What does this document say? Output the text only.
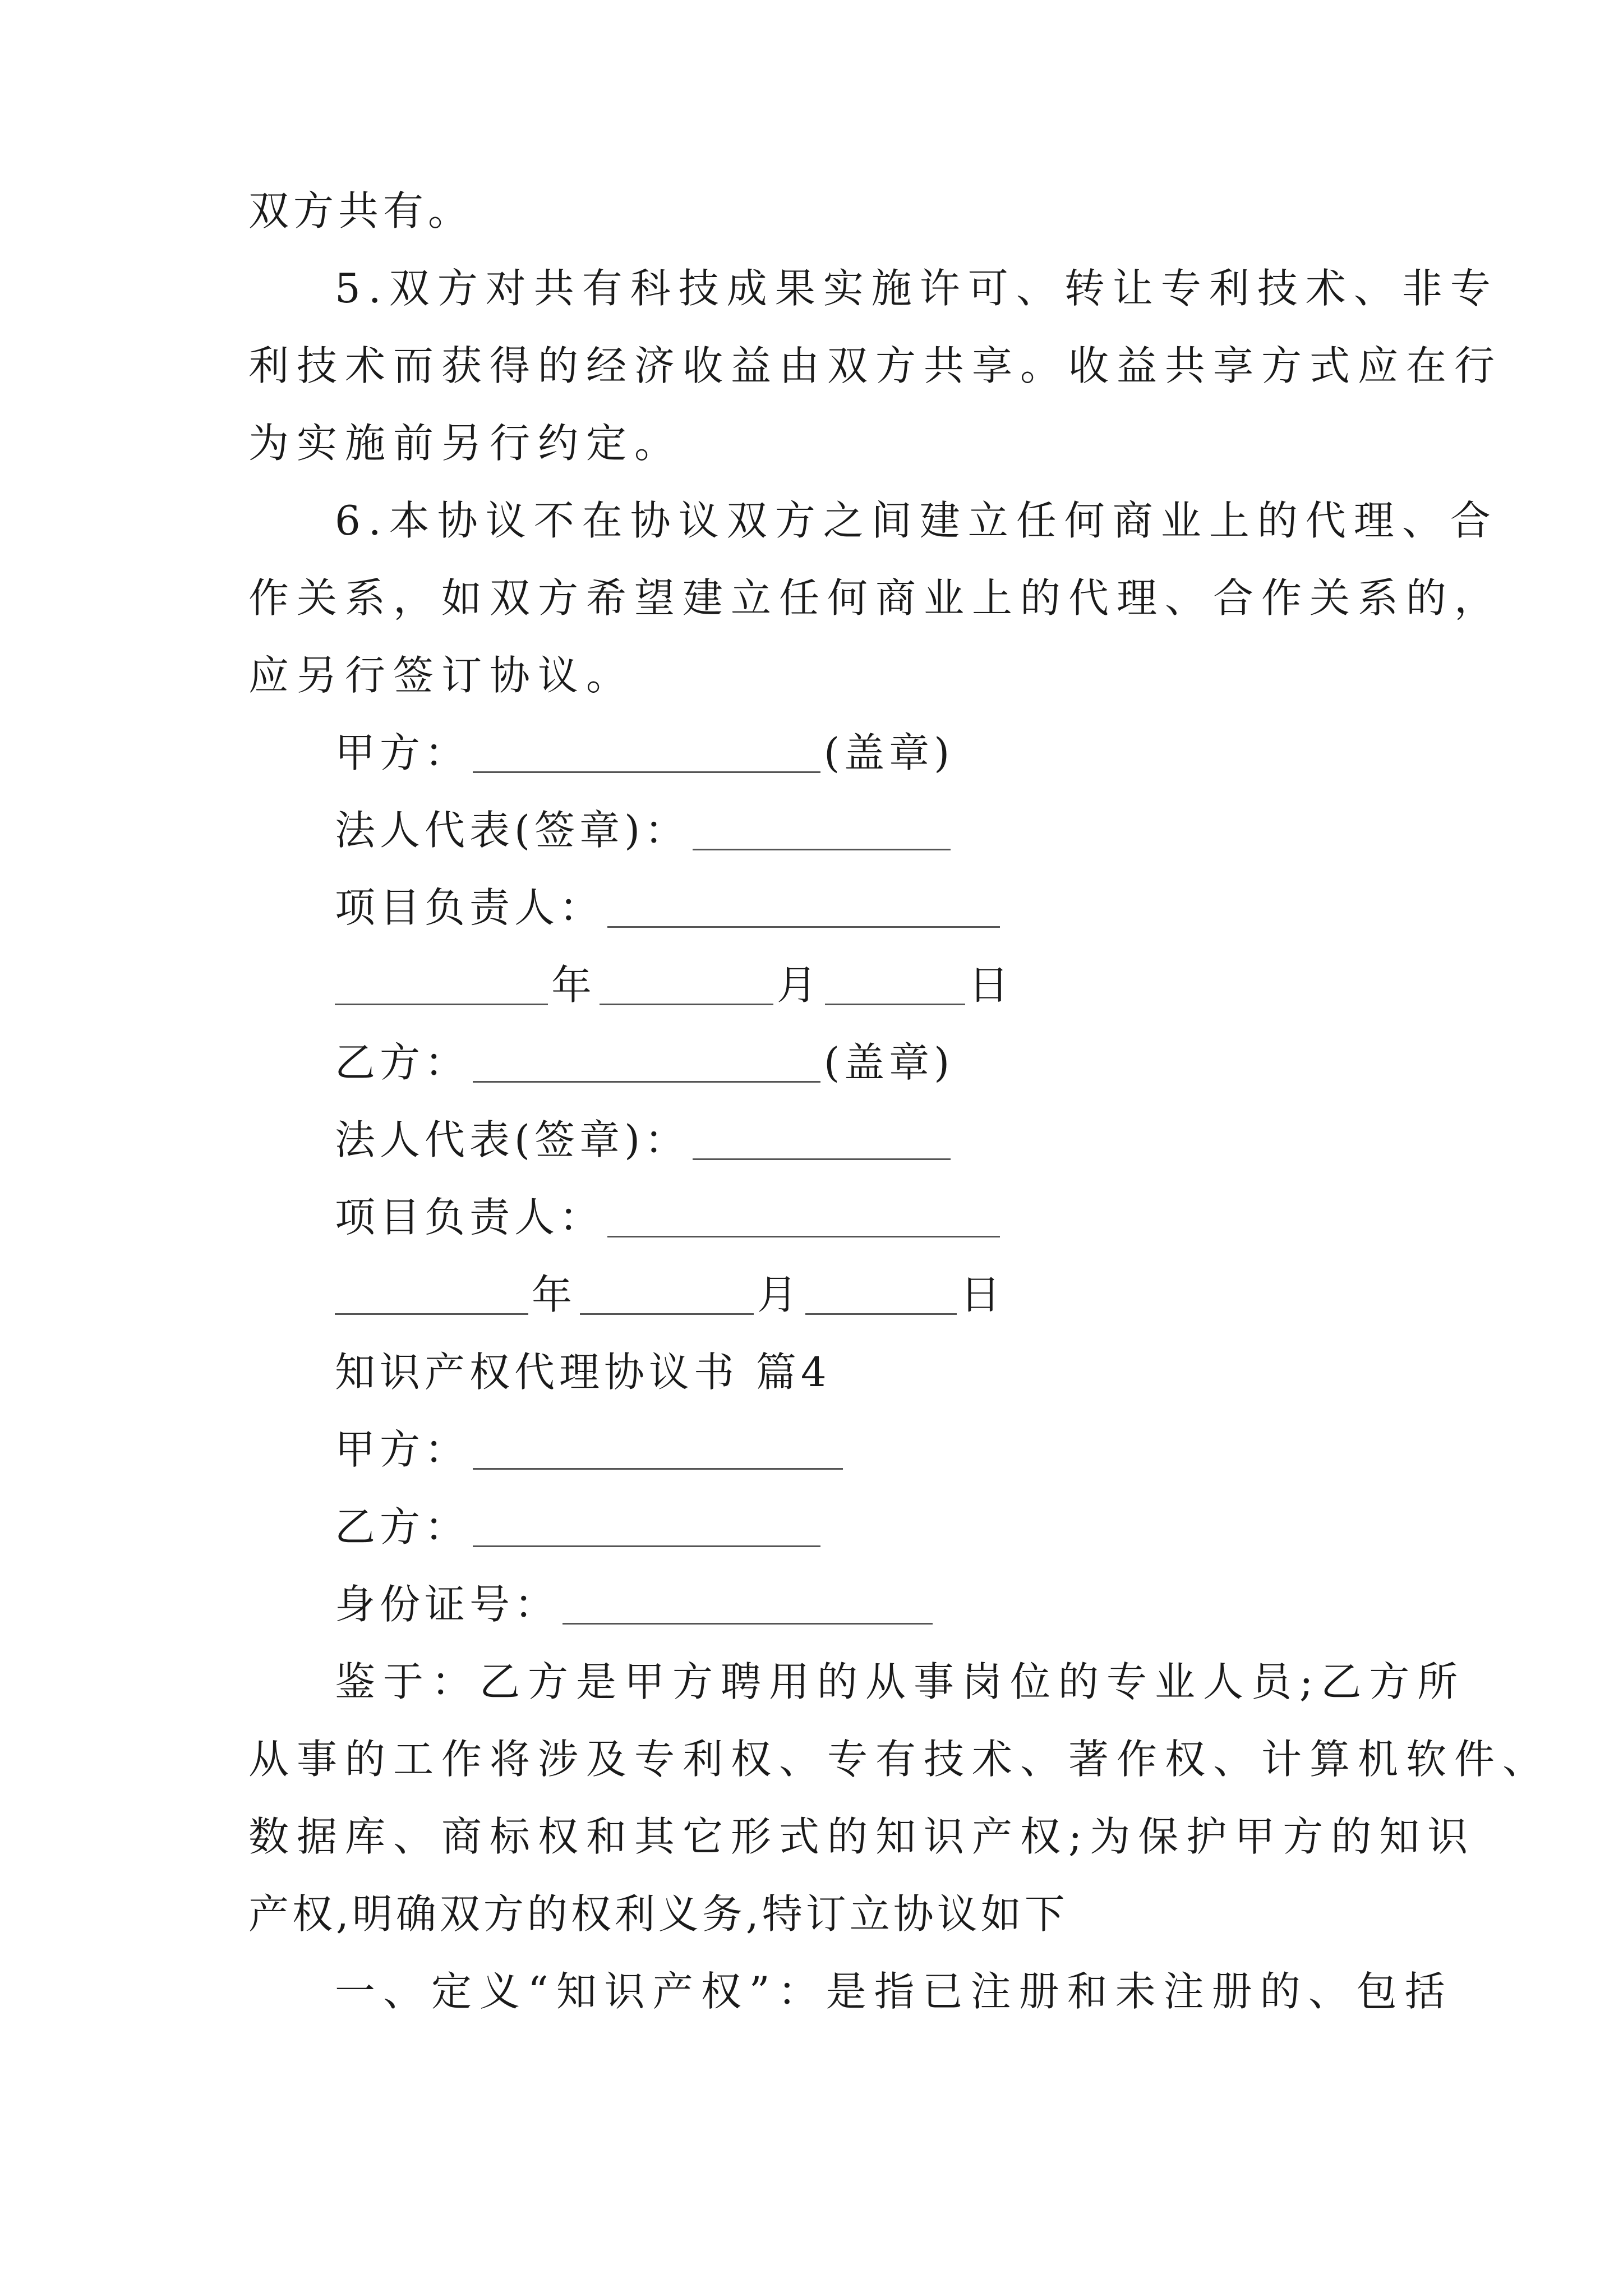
双方共有。
5.双方对共有科技成果实施许可、转让专利技术、非专
利技术而获得的经济收益由双方共享。收益共享方式应在行
为实施前另行约定。
6.本协议不在协议双方之间建立任何商业上的代理、合
作关系，如双方希望建立任何商业上的代理、合作关系的，
应另行签订协议。
甲方：	(盖章)
法人代表(签章)：
项目负责人：
年	月	日
乙方：	(盖章)
法人代表(签章)：
项目负责人：
年	月	日
知识产权代理协议书 篇4
甲方：
乙方：
身份证号：
鉴于：乙方是甲方聘用的从事岗位的专业人员;乙方所
从事的工作将涉及专利权、专有技术、著作权、计算机软件、
数据库、商标权和其它形式的知识产权;为保护甲方的知识
产权,明确双方的权利义务,特订立协议如下
一、定义“知识产权”：是指已注册和未注册的、包括
